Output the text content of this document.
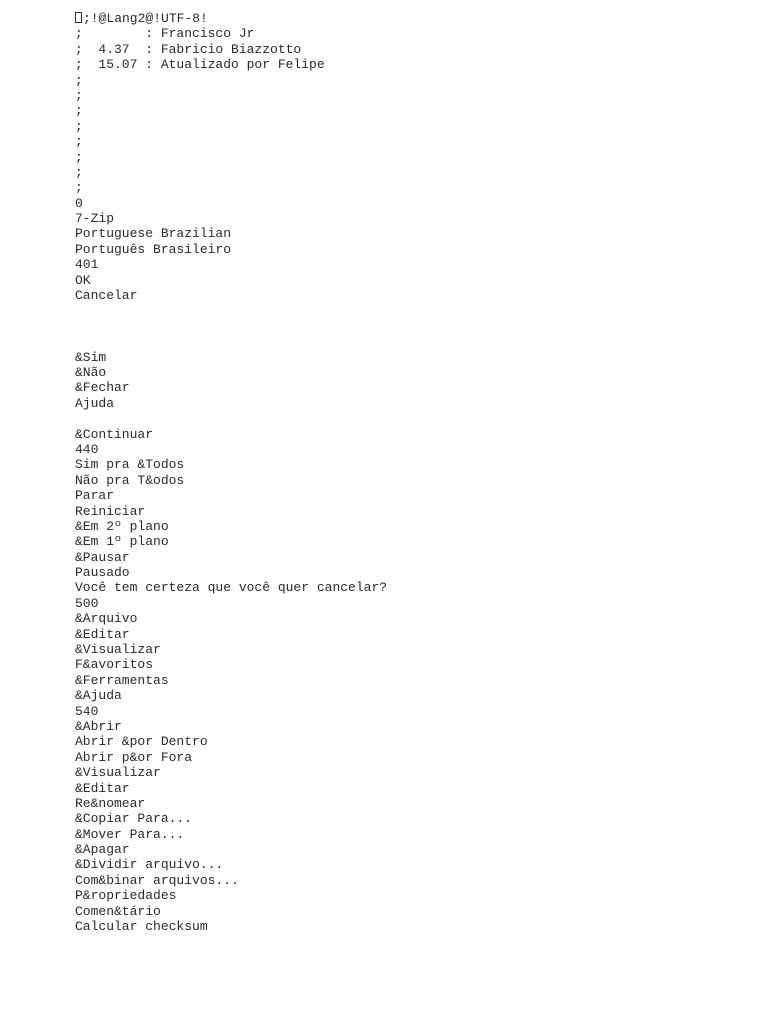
;!@Lang2@!UTF-8!
;        : Francisco Jr
;  4.37  : Fabricio Biazzotto
;  15.07 : Atualizado por Felipe
;
;
;
;
;
;
;
;
0
7-Zip
Portuguese Brazilian
Português Brasileiro
401
OK
Cancelar
&Sim
&Não
&Fechar
Ajuda
&Continuar
440
Sim pra &Todos
Não pra T&odos
Parar
Reiniciar
&Em 2º plano
&Em 1º plano
&Pausar
Pausado
Você tem certeza que você quer cancelar?
500
&Arquivo
&Editar
&Visualizar
F&avoritos
&Ferramentas
&Ajuda
540
&Abrir
Abrir &por Dentro
Abrir p&or Fora
&Visualizar
&Editar
Re&nomear
&Copiar Para...
&Mover Para...
&Apagar
&Dividir arquivo...
Com&binar arquivos...
P&ropriedades
Comen&tário
Calcular checksum
